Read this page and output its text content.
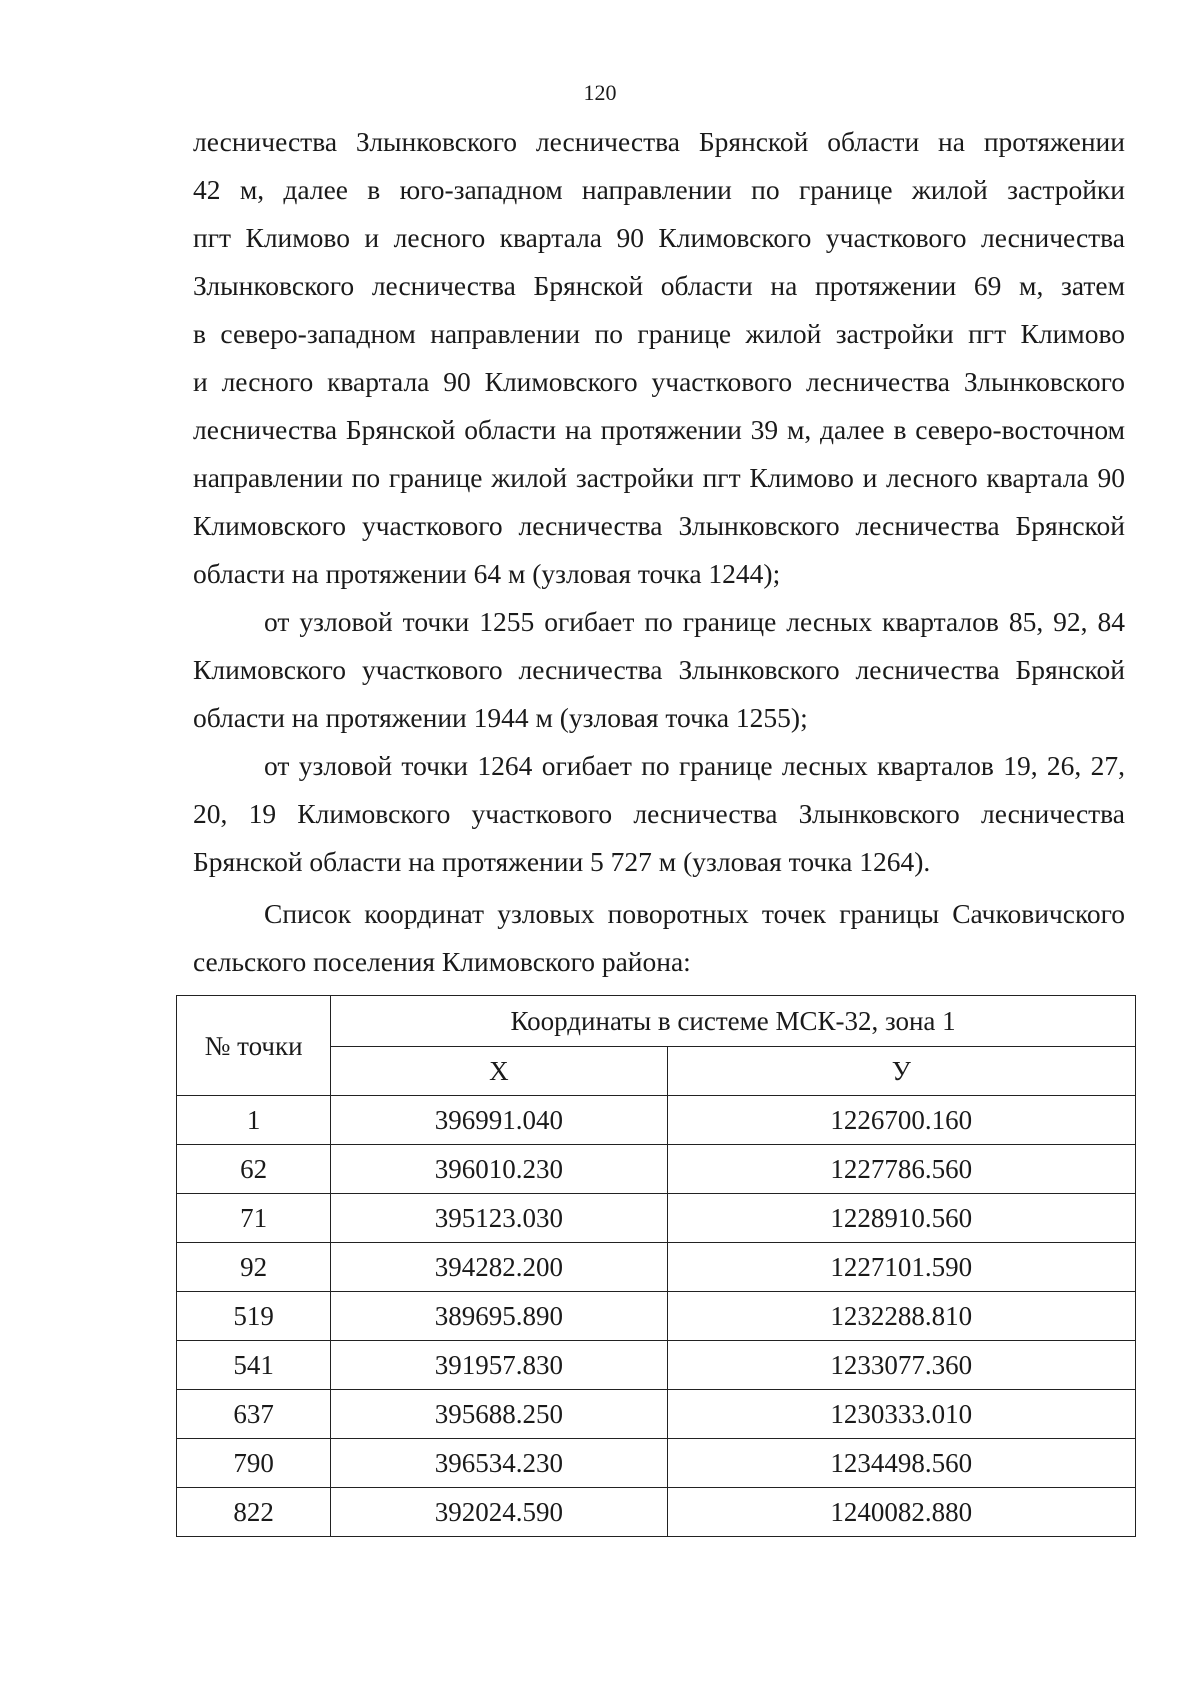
120

лесничества Злынковского лесничества Брянской области на протяжении
42 м, далее в юго-западном направлении по границе жилой застройки
пгт Климово и лесного квартала 90 Климовского участкового лесничества
Злынковского лесничества Брянской области на протяжении 69 м, затем
в северо-западном направлении по границе жилой застройки пгт Климово
и лесного квартала 90 Климовского участкового лесничества Злынковского
лесничества Брянской области на протяжении 39 м, далее в северо-восточном
направлении по границе жилой застройки пгт Климово и лесного квартала 90
Климовского участкового лесничества Злынковского лесничества Брянской
области на протяжении 64 м (узловая точка 1244);

от узловой точки 1255 огибает по границе лесных кварталов 85, 92, 84
Климовского участкового лесничества Злынковского лесничества Брянской
области на протяжении 1944 м (узловая точка 1255);

от узловой точки 1264 огибает по границе лесных кварталов 19, 26, 27,
20, 19 Климовского участкового лесничества Злынковского лесничества
Брянской области на протяжении 5 727 м (узловая точка 1264).

Список координат узловых поворотных точек границы Сачковичского
сельского поселения Климовского района:

№ точки	Координаты в системе МСК-32, зона 1	
	Х	У
1	396991.040	1226700.160
62	396010.230	1227786.560
71	395123.030	1228910.560
92	394282.200	1227101.590
519	389695.890	1232288.810
541	391957.830	1233077.360
637	395688.250	1230333.010
790	396534.230	1234498.560
822	392024.590	1240082.880
